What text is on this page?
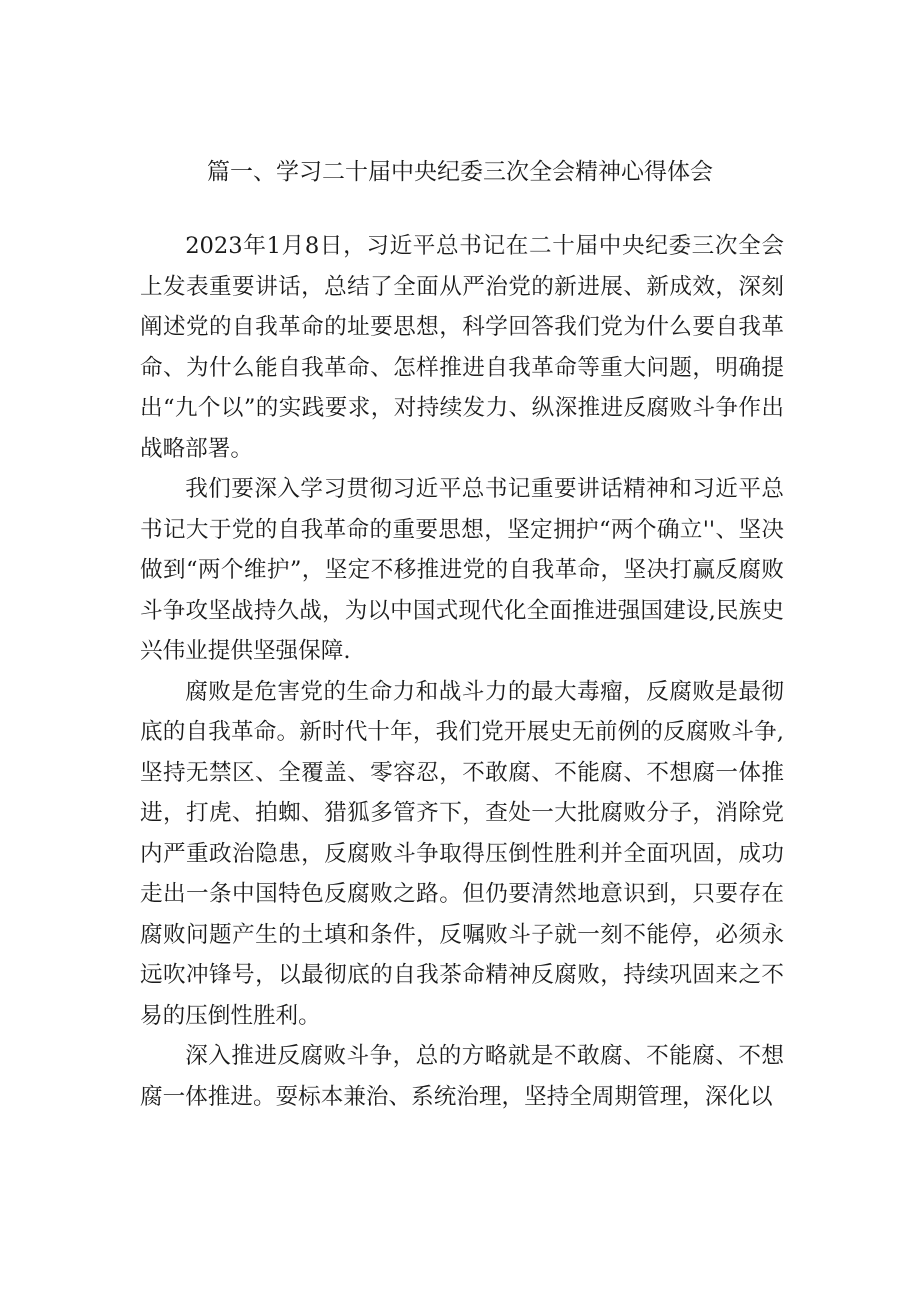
篇一、学习二十届中央纪委三次全会精神心得体会

2023年1月8日，习近平总书记在二十届中央纪委三次全会上发表重要讲话，总结了全面从严治党的新进展、新成效，深刻阐述党的自我革命的址要思想，科学回答我们党为什么要自我革命、为什么能自我革命、怎样推进自我革命等重大问题，明确提出“九个以”的实践要求，对持续发力、纵深推进反腐败斗争作出战略部署。

我们要深入学习贯彻习近平总书记重要讲话精神和习近平总书记大于党的自我革命的重要思想，坚定拥护“两个确立''、坚决做到“两个维护”，坚定不移推进党的自我革命，坚决打赢反腐败斗争攻坚战持久战，为以中国式现代化全面推进强国建设,民族史兴伟业提供坚强保障.

腐败是危害党的生命力和战斗力的最大毒瘤，反腐败是最彻底的自我革命。新时代十年，我们党开展史无前例的反腐败斗争,坚持无禁区、全覆盖、零容忍，不敢腐、不能腐、不想腐一体推进，打虎、拍蜘、猎狐多管齐下，查处一大批腐败分子，消除党内严重政治隐患，反腐败斗争取得压倒性胜利并全面巩固，成功走出一条中国特色反腐败之路。但仍要清然地意识到，只要存在腐败问题产生的土填和条件，反嘱败斗子就一刻不能停，必须永远吹冲锋号，以最彻底的自我茶命精神反腐败，持续巩固来之不易的压倒性胜利。

深入推进反腐败斗争，总的方略就是不敢腐、不能腐、不想腐一体推进。耍标本兼治、系统治理，坚持全周期管理，深化以
